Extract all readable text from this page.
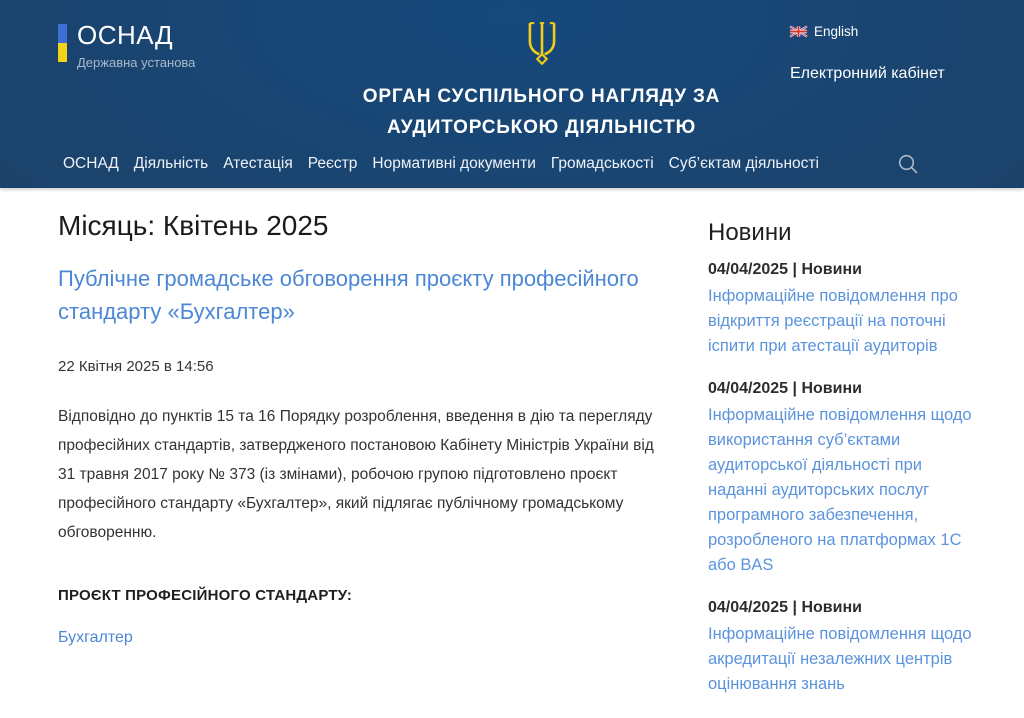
ОСНАД
Державна установа
ОРГАН СУСПІЛЬНОГО НАГЛЯДУ ЗА
АУДИТОРСЬКОЮ ДІЯЛЬНІСТЮ
English
Електронний кабінет
ОСНАД Діяльність Атестація Реєстр Нормативні документи Громадськості Суб’єктам діяльності
Місяць: Квітень 2025
Публічне громадське обговорення проєкту професійного стандарту «Бухгалтер»
22 Квітня 2025 в 14:56

Відповідно до пунктів 15 та 16 Порядку розроблення, введення в дію та перегляду професійних стандартів, затвердженого постановою Кабінету Міністрів України від 31 травня 2017 року № 373 (із змінами), робочою групою підготовлено проєкт професійного стандарту «Бухгалтер», який підлягає публічному громадському обговоренню.

ПРОЄКТ ПРОФЕСІЙНОГО СТАНДАРТУ:
Бухгалтер
Новини
04/04/2025 | Новини
Інформаційне повідомлення про відкриття реєстрації на поточні іспити при атестації аудиторів
04/04/2025 | Новини
Інформаційне повідомлення щодо використання суб’єктами аудиторської діяльності при наданні аудиторських послуг програмного забезпечення, розробленого на платформах 1С або BAS
04/04/2025 | Новини
Інформаційне повідомлення щодо акредитації незалежних центрів оцінювання знань
